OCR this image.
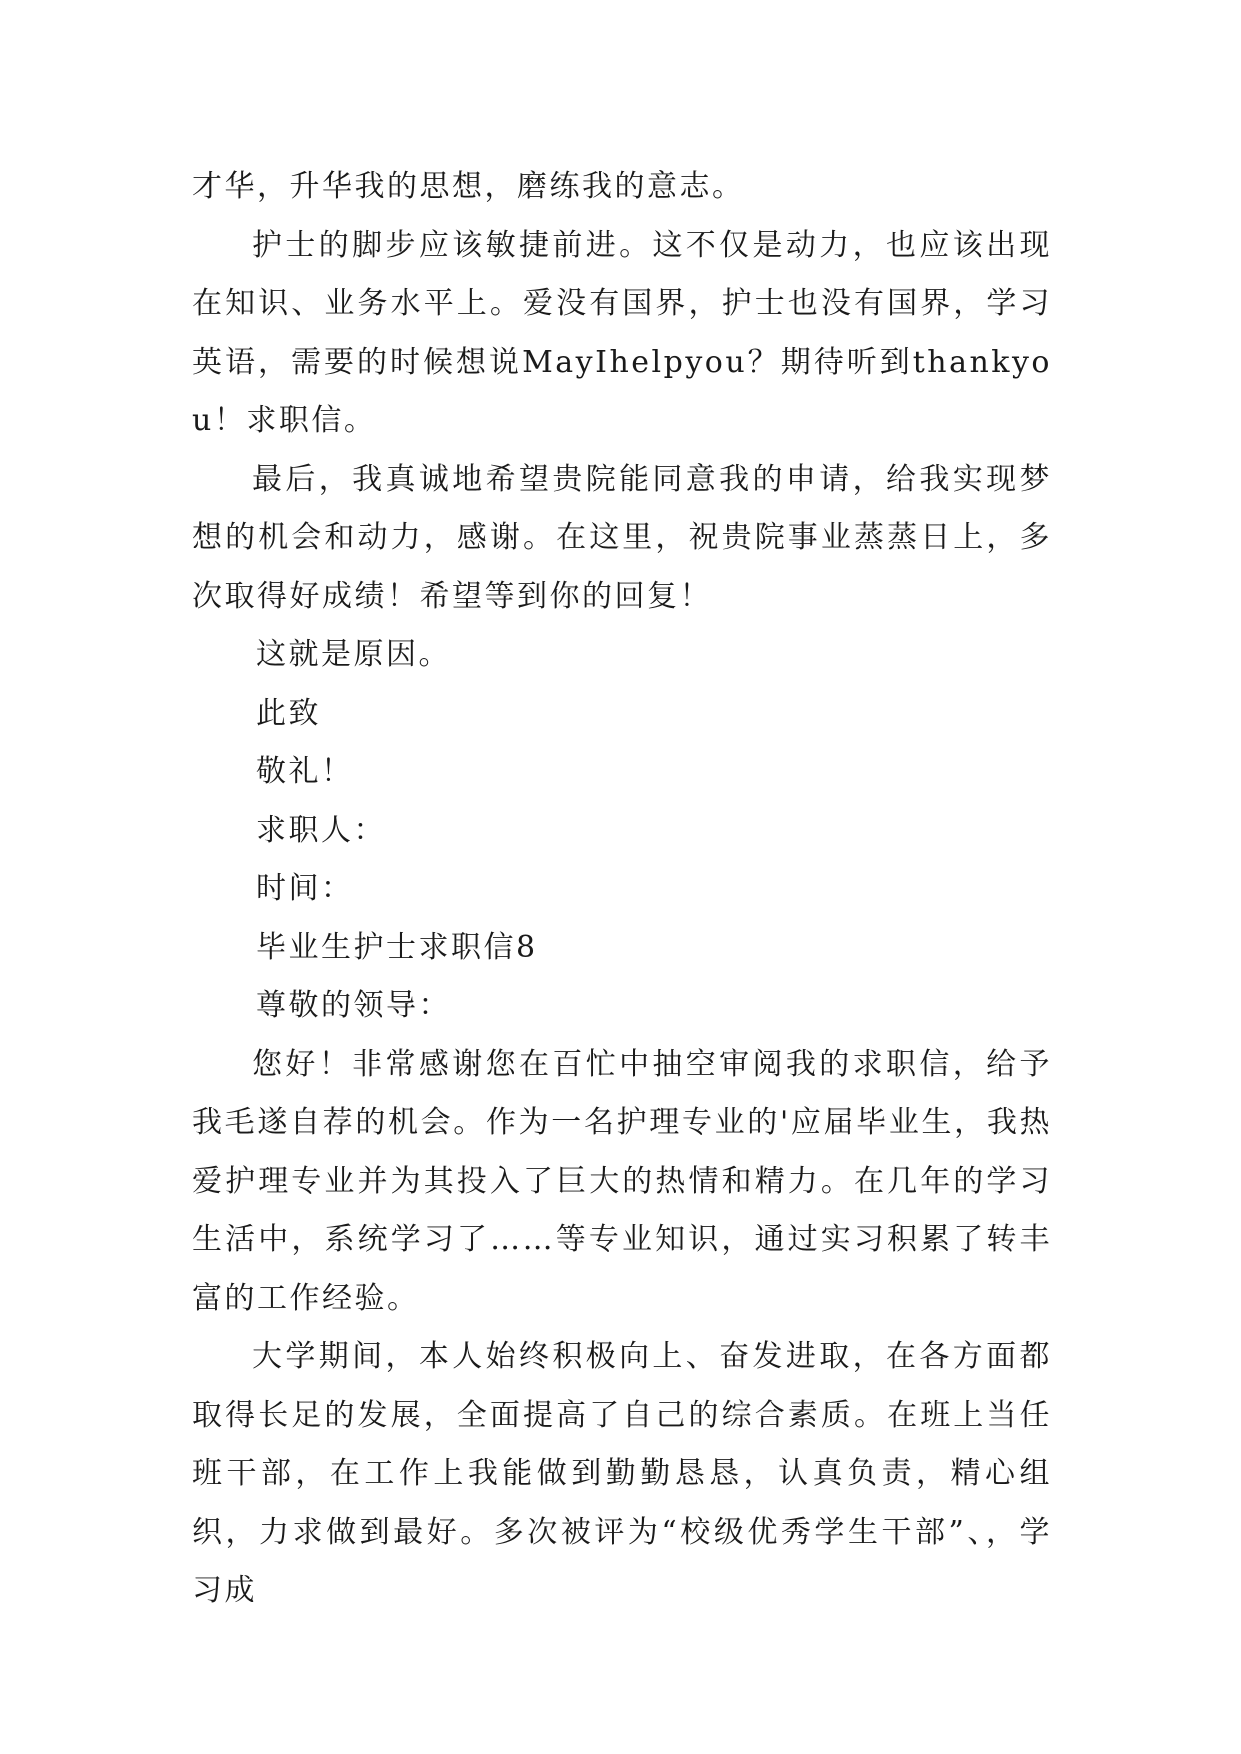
才华，升华我的思想，磨练我的意志。

护士的脚步应该敏捷前进。这不仅是动力，也应该出现在知识、业务水平上。爱没有国界，护士也没有国界，学习英语，需要的时候想说MayIhelpyou？期待听到thankyou！求职信。

最后，我真诚地希望贵院能同意我的申请，给我实现梦想的机会和动力，感谢。在这里，祝贵院事业蒸蒸日上，多次取得好成绩！希望等到你的回复！

这就是原因。

此致

敬礼！

求职人：

时间：

毕业生护士求职信8

尊敬的领导：

您好！非常感谢您在百忙中抽空审阅我的求职信，给予我毛遂自荐的机会。作为一名护理专业的'应届毕业生，我热爱护理专业并为其投入了巨大的热情和精力。在几年的学习生活中，系统学习了……等专业知识，通过实习积累了转丰富的工作经验。

大学期间，本人始终积极向上、奋发进取，在各方面都取得长足的发展，全面提高了自己的综合素质。在班上当任班干部，在工作上我能做到勤勤恳恳，认真负责，精心组织，力求做到最好。多次被评为“校级优秀学生干部”、，学习成
